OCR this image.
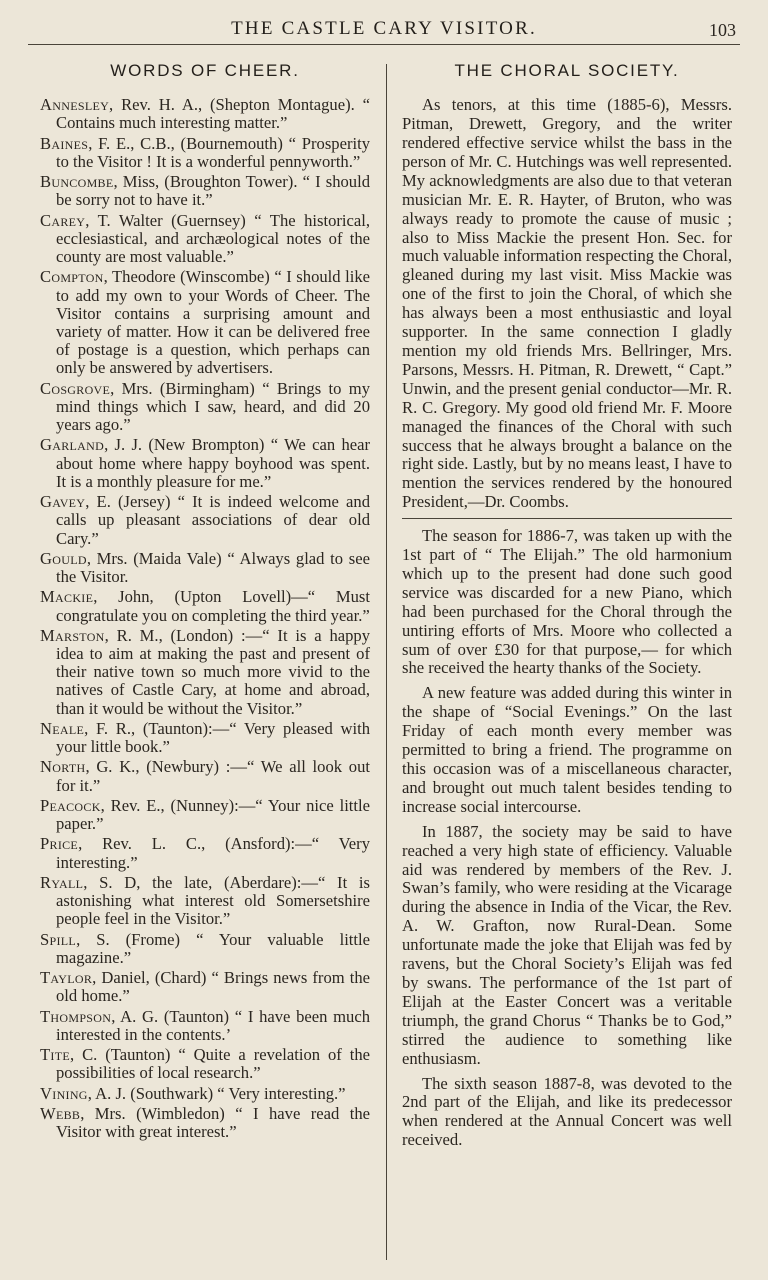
THE CASTLE CARY VISITOR.	103
WORDS OF CHEER.

Annesley, Rev. H. A., (Shepton Montague). “ Contains much interesting matter.”

Baines, F. E., C.B., (Bournemouth) “ Prosperity to the Visitor ! It is a wonderful pennyworth.”

Buncombe, Miss, (Broughton Tower). “ I should be sorry not to have it.”

Carey, T. Walter (Guernsey) “ The historical, ecclesiastical, and archæological notes of the county are most valuable.”

Compton, Theodore (Winscombe) “ I should like to add my own to your Words of Cheer. The Visitor contains a surprising amount and variety of matter. How it can be delivered free of postage is a question, which perhaps can only be answered by advertisers.

Cosgrove, Mrs. (Birmingham) “ Brings to my mind things which I saw, heard, and did 20 years ago.”

Garland, J. J. (New Brompton) “ We can hear about home where happy boyhood was spent. It is a monthly pleasure for me.”

Gavey, E. (Jersey) “ It is indeed welcome and calls up pleasant associations of dear old Cary.”

Gould, Mrs. (Maida Vale) “ Always glad to see the Visitor.

Mackie, John, (Upton Lovell)—“ Must congratulate you on completing the third year.”

Marston, R. M., (London) :—“ It is a happy idea to aim at making the past and present of their native town so much more vivid to the natives of Castle Cary, at home and abroad, than it would be without the Visitor.”

Neale, F. R., (Taunton):—“ Very pleased with your little book.”

North, G. K., (Newbury) :—“ We all look out for it.”

Peacock, Rev. E., (Nunney):—“ Your nice little paper.”

Price, Rev. L. C., (Ansford):—“ Very interesting.”

Ryall, S. D, the late, (Aberdare):—“ It is astonishing what interest old Somersetshire people feel in the Visitor.”

Spill, S. (Frome) “ Your valuable little magazine.”

Taylor, Daniel, (Chard) “ Brings news from the old home.”

Thompson, A. G. (Taunton) “ I have been much interested in the contents.’

Tite, C. (Taunton) “ Quite a revelation of the possibilities of local research.”

Vining, A. J. (Southwark) “ Very interesting.”

Webb, Mrs. (Wimbledon) “ I have read the Visitor with great interest.”

THE CHORAL SOCIETY.

As tenors, at this time (1885-6), Messrs. Pitman, Drewett, Gregory, and the writer rendered effective service whilst the bass in the person of Mr. C. Hutchings was well represented. My acknowledgments are also due to that veteran musician Mr. E. R. Hayter, of Bruton, who was always ready to promote the cause of music ; also to Miss Mackie the present Hon. Sec. for much valuable information respecting the Choral, gleaned during my last visit. Miss Mackie was one of the first to join the Choral, of which she has always been a most enthusiastic and loyal supporter. In the same connection I gladly mention my old friends Mrs. Bellringer, Mrs. Parsons, Messrs. H. Pitman, R. Drewett, “ Capt.” Unwin, and the present genial conductor—Mr. R. R. C. Gregory. My good old friend Mr. F. Moore managed the finances of the Choral with such success that he always brought a balance on the right side. Lastly, but by no means least, I have to mention the services rendered by the honoured President,—Dr. Coombs.

The season for 1886-7, was taken up with the 1st part of “ The Elijah.” The old harmonium which up to the present had done such good service was discarded for a new Piano, which had been purchased for the Choral through the untiring efforts of Mrs. Moore who collected a sum of over £30 for that purpose,— for which she received the hearty thanks of the Society.

A new feature was added during this winter in the shape of “Social Evenings.” On the last Friday of each month every member was permitted to bring a friend. The programme on this occasion was of a miscellaneous character, and brought out much talent besides tending to increase social intercourse.

In 1887, the society may be said to have reached a very high state of efficiency. Valuable aid was rendered by members of the Rev. J. Swan’s family, who were residing at the Vicarage during the absence in India of the Vicar, the Rev. A. W. Grafton, now Rural-Dean. Some unfortunate made the joke that Elijah was fed by ravens, but the Choral Society’s Elijah was fed by swans. The performance of the 1st part of Elijah at the Easter Concert was a veritable triumph, the grand Chorus “ Thanks be to God,” stirred the audience to something like enthusiasm.

The sixth season 1887-8, was devoted to the 2nd part of the Elijah, and like its predecessor when rendered at the Annual Concert was well received.
